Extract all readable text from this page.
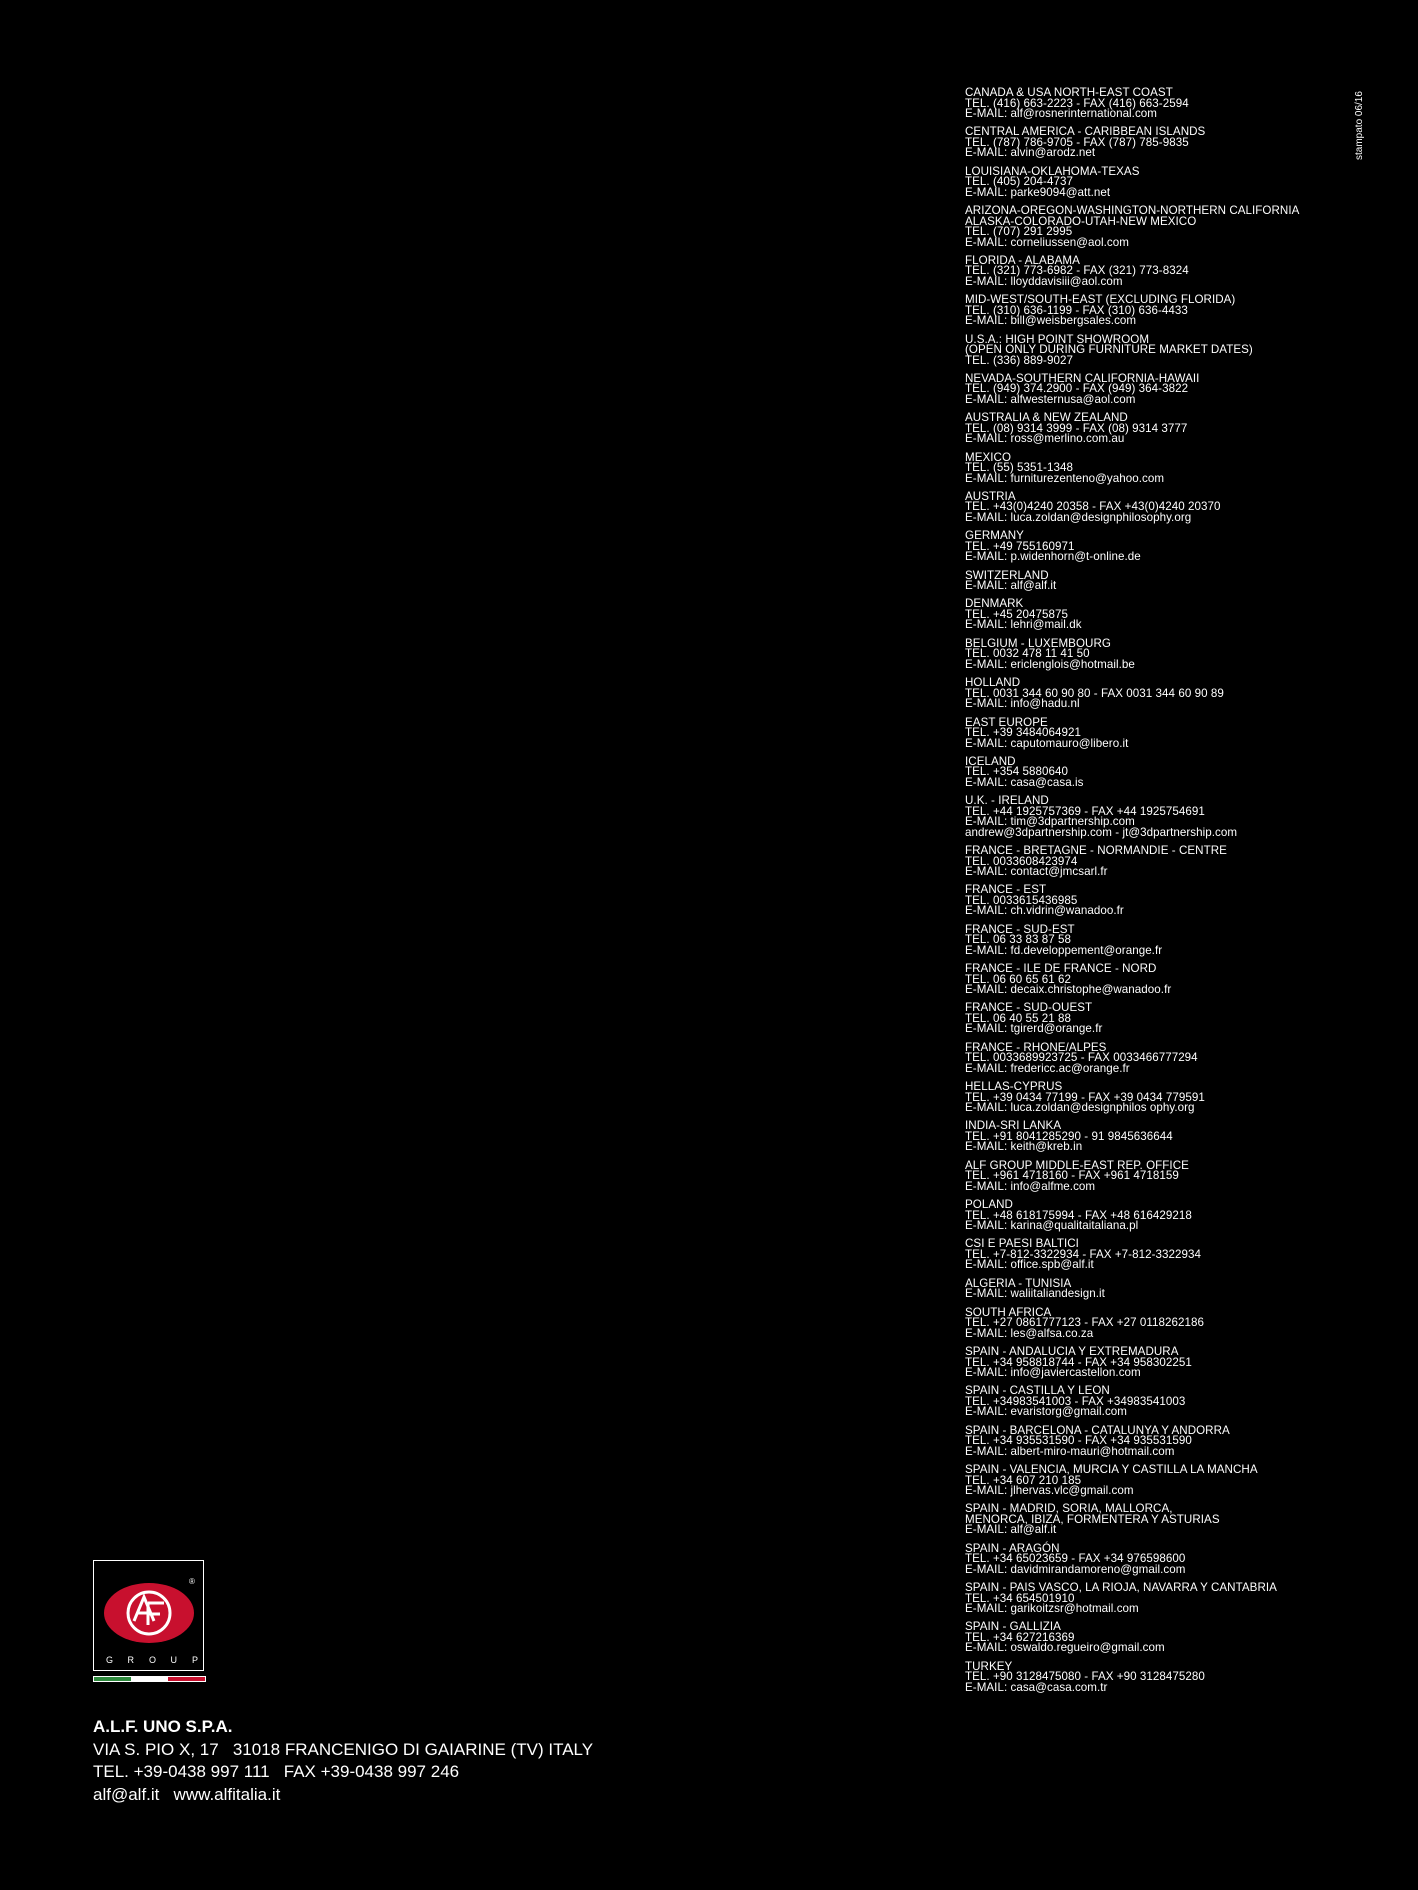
CANADA & USA NORTH-EAST COAST
TEL. (416) 663-2223 - FAX (416) 663-2594
E-MAIL: alf@rosnerinternational.com
CENTRAL AMERICA - CARIBBEAN ISLANDS
TEL. (787) 786-9705 - FAX (787) 785-9835
E-MAIL: alvin@arodz.net
LOUISIANA-OKLAHOMA-TEXAS
TEL. (405) 204-4737
E-MAIL: parke9094@att.net
ARIZONA-OREGON-WASHINGTON-NORTHERN CALIFORNIA
ALASKA-COLORADO-UTAH-NEW MEXICO
TEL. (707) 291 2995
E-MAIL: corneliussen@aol.com
FLORIDA - ALABAMA
TEL. (321) 773-6982 - FAX (321) 773-8324
E-MAIL: lloyddavisiii@aol.com
MID-WEST/SOUTH-EAST (EXCLUDING FLORIDA)
TEL. (310) 636-1199 - FAX (310) 636-4433
E-MAIL: bill@weisbergsales.com
U.S.A.: HIGH POINT SHOWROOM
(OPEN ONLY DURING FURNITURE MARKET DATES)
TEL. (336) 889-9027
NEVADA-SOUTHERN CALIFORNIA-HAWAII
TEL. (949) 374.2900 - FAX (949) 364-3822
E-MAIL: alfwesternusa@aol.com
AUSTRALIA & NEW ZEALAND
TEL. (08) 9314 3999 - FAX (08) 9314 3777
E-MAIL: ross@merlino.com.au
MEXICO
TEL. (55) 5351-1348
E-MAIL: furniturezenteno@yahoo.com
AUSTRIA
TEL. +43(0)4240 20358 - FAX +43(0)4240 20370
E-MAIL: luca.zoldan@designphilosophy.org
GERMANY
TEL. +49 755160971
E-MAIL: p.widenhorn@t-online.de
SWITZERLAND
E-MAIL: alf@alf.it
DENMARK
TEL. +45 20475875
E-MAIL: lehri@mail.dk
BELGIUM - LUXEMBOURG
TEL. 0032 478 11 41 50
E-MAIL: ericlenglois@hotmail.be
HOLLAND
TEL. 0031 344 60 90 80 - FAX 0031 344 60 90 89
E-MAIL: info@hadu.nl
EAST EUROPE
TEL. +39 3484064921
E-MAIL: caputomauro@libero.it
ICELAND
TEL. +354 5880640
E-MAIL: casa@casa.is
U.K. - IRELAND
TEL. +44 1925757369 - FAX +44 1925754691
E-MAIL: tim@3dpartnership.com
andrew@3dpartnership.com - jt@3dpartnership.com
FRANCE - BRETAGNE - NORMANDIE - CENTRE
TEL. 0033608423974
E-MAIL: contact@jmcsarl.fr
FRANCE - EST
TEL. 0033615436985
E-MAIL: ch.vidrin@wanadoo.fr
FRANCE - SUD-EST
TEL. 06 33 83 87 58
E-MAIL: fd.developpement@orange.fr
FRANCE - ILE DE FRANCE - NORD
TEL. 06 60 65 61 62
E-MAIL: decaix.christophe@wanadoo.fr
FRANCE - SUD-OUEST
TEL. 06 40 55 21 88
E-MAIL: tgirerd@orange.fr
FRANCE - RHONE/ALPES
TEL. 0033689923725 - FAX 0033466777294
E-MAIL: fredericc.ac@orange.fr
HELLAS-CYPRUS
TEL. +39 0434 77199 - FAX +39 0434 779591
E-MAIL: luca.zoldan@designphilos ophy.org
INDIA-SRI LANKA
TEL. +91 8041285290 - 91 9845636644
E-MAIL: keith@kreb.in
ALF GROUP MIDDLE-EAST REP. OFFICE
TEL. +961 4718160 - FAX +961 4718159
E-MAIL: info@alfme.com
POLAND
TEL. +48 618175994 - FAX +48 616429218
E-MAIL: karina@qualitaitaliana.pl
CSI E PAESI BALTICI
TEL. +7-812-3322934 - FAX +7-812-3322934
E-MAIL: office.spb@alf.it
ALGERIA - TUNISIA
E-MAIL: waliitaliandesign.it
SOUTH AFRICA
TEL. +27 0861777123 - FAX +27 0118262186
E-MAIL: les@alfsa.co.za
SPAIN - ANDALUCIA Y EXTREMADURA
TEL. +34 958818744 - FAX +34 958302251
E-MAIL: info@javiercastellon.com
SPAIN - CASTILLA Y LEON
TEL. +34983541003 - FAX +34983541003
E-MAIL: evaristorg@gmail.com
SPAIN - BARCELONA - CATALUNYA Y ANDORRA
TEL. +34 935531590 - FAX +34 935531590
E-MAIL: albert-miro-mauri@hotmail.com
SPAIN - VALENCIA, MURCIA Y CASTILLA LA MANCHA
TEL. +34 607 210 185
E-MAIL: jlhervas.vlc@gmail.com
SPAIN - MADRID, SORIA, MALLORCA,
MENORCA, IBIZA, FORMENTERA Y ASTURIAS
E-MAIL: alf@alf.it
SPAIN - ARAGÓN
TEL. +34 65023659 - FAX +34 976598600
E-MAIL: davidmirandamoreno@gmail.com
SPAIN - PAIS VASCO, LA RIOJA, NAVARRA Y CANTABRIA
TEL. +34 654501910
E-MAIL: garikoitzsr@hotmail.com
SPAIN - GALLIZIA
TEL. +34 627216369
E-MAIL: oswaldo.regueiro@gmail.com
TURKEY
TEL. +90 3128475080 - FAX +90 3128475280
E-MAIL: casa@casa.com.tr
stampato 06/16
®
G R O U P
A.L.F. UNO S.P.A.
VIA S. PIO X, 17   31018 FRANCENIGO DI GAIARINE (TV) ITALY
TEL. +39-0438 997 111   FAX +39-0438 997 246
alf@alf.it   www.alfitalia.it
